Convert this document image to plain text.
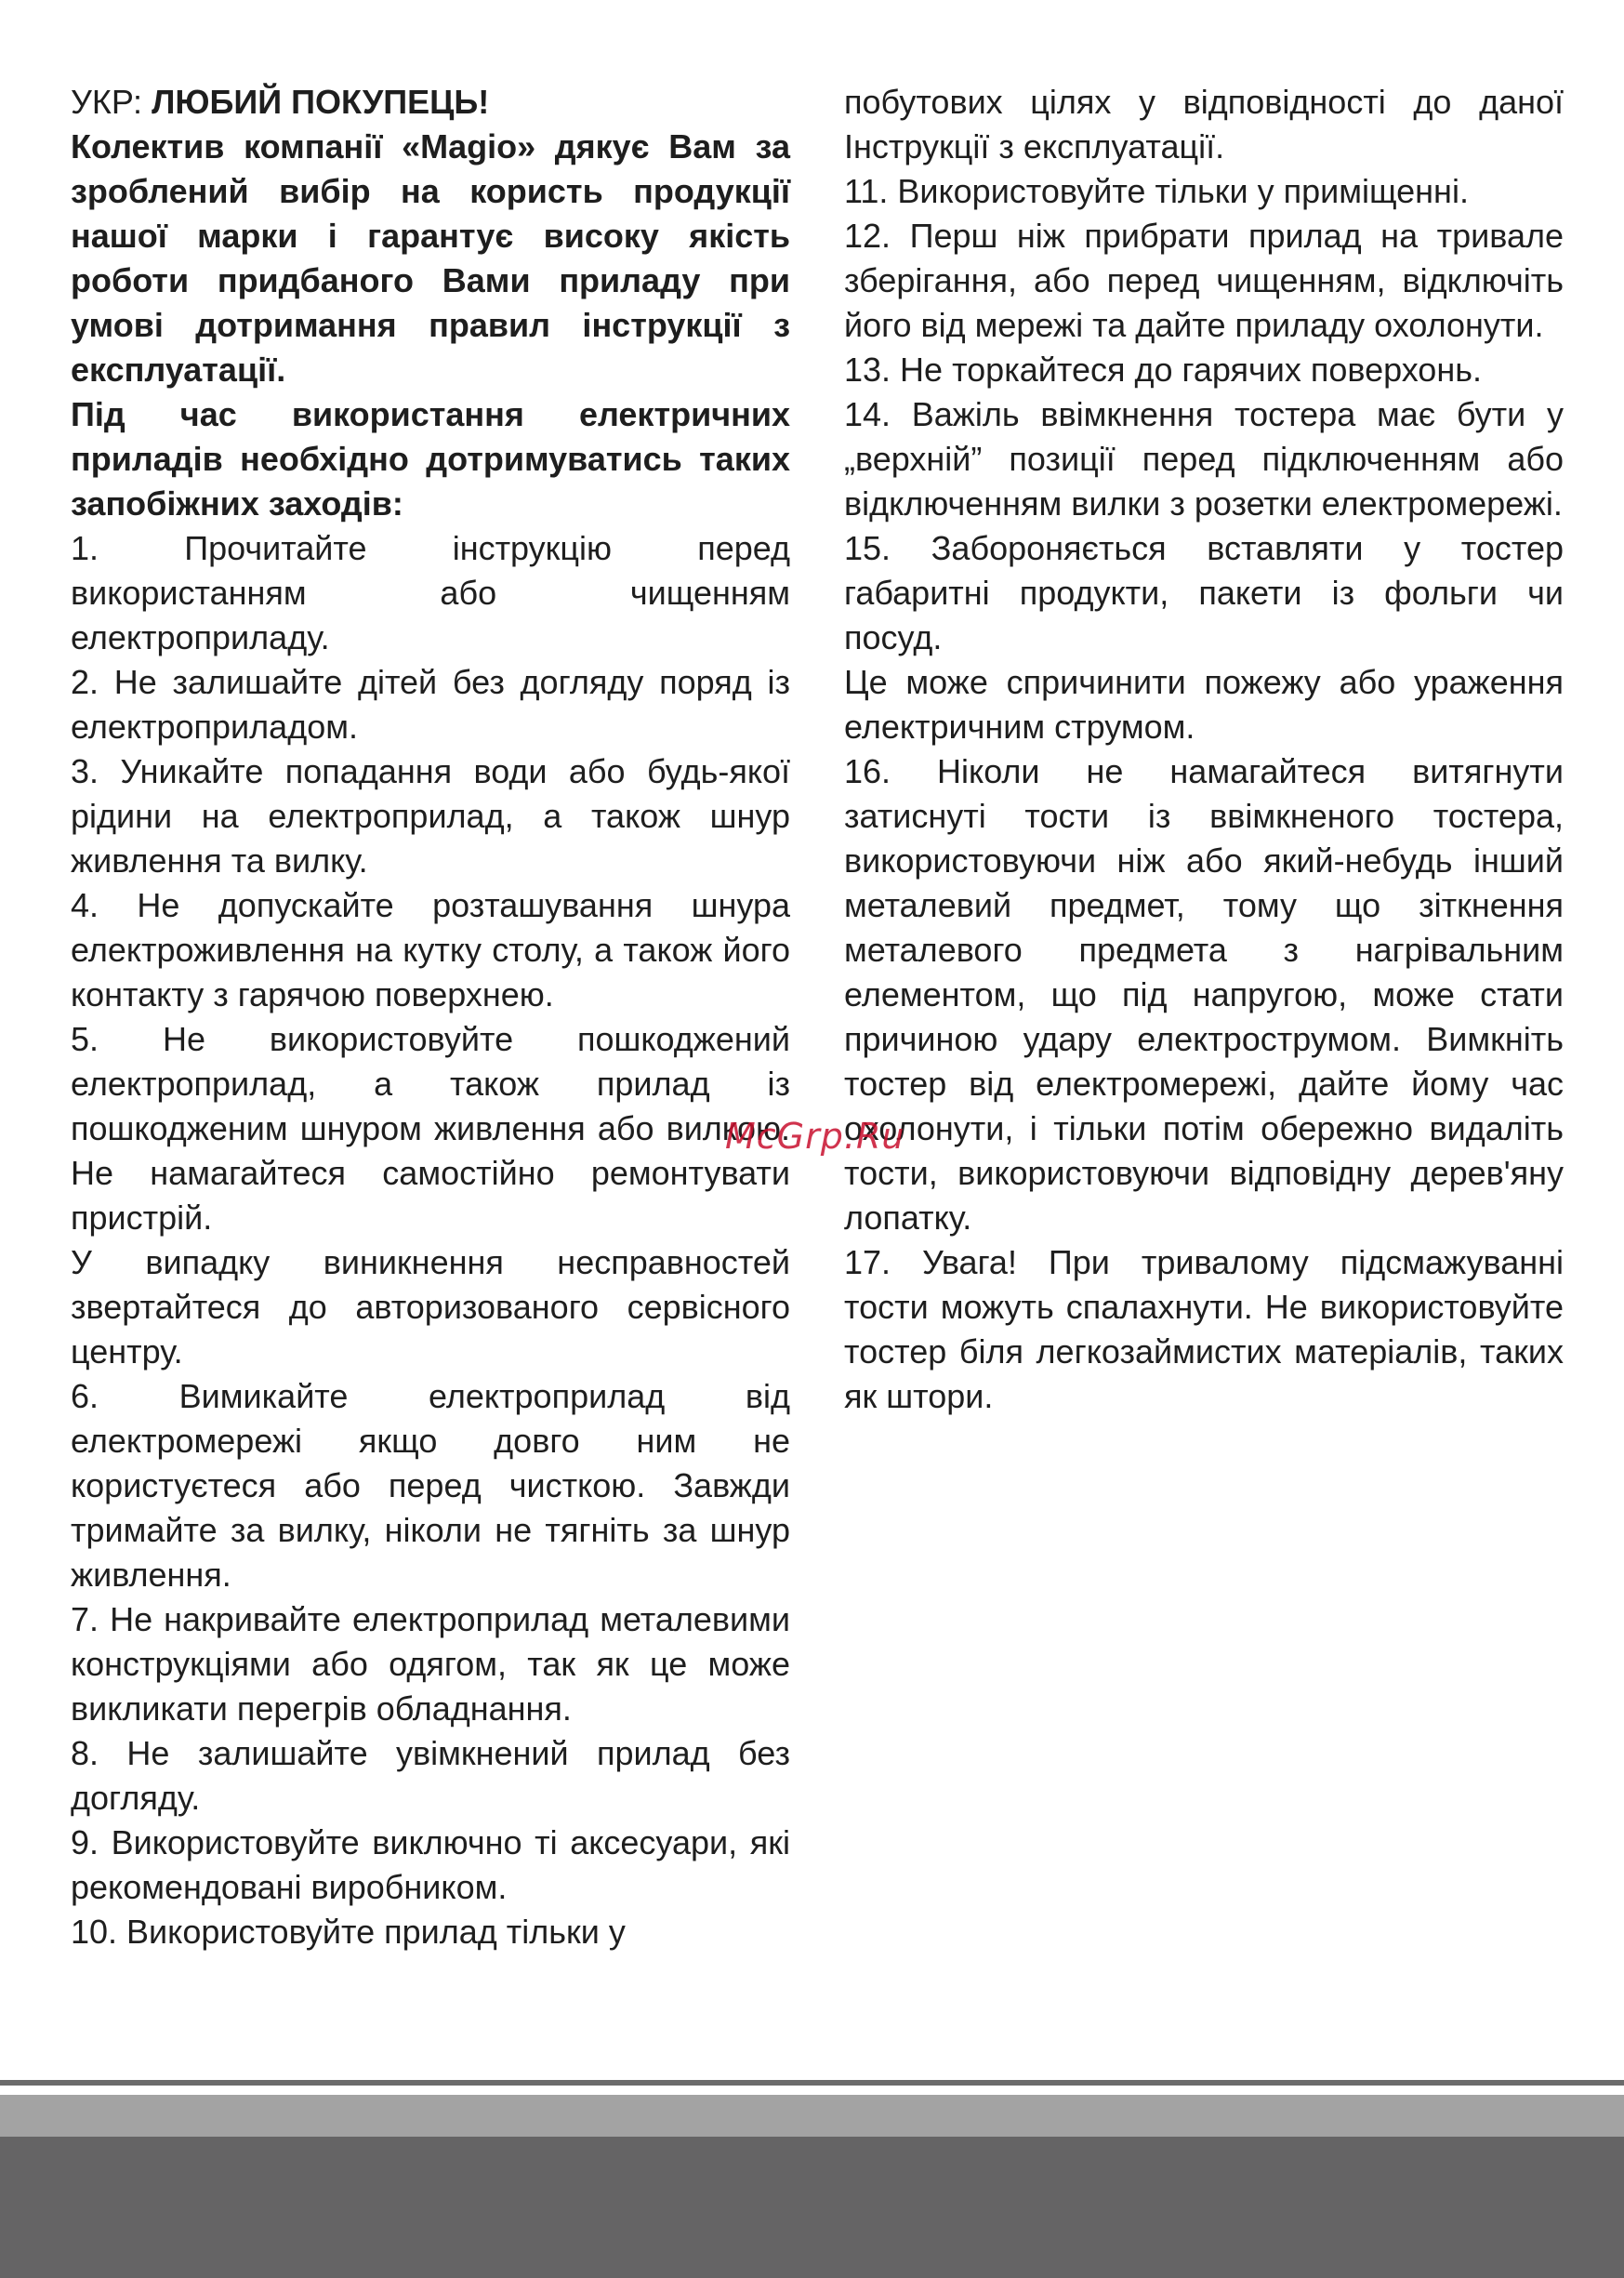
УКР: ЛЮБИЙ ПОКУПЕЦЬ!

Колектив компанії «Magio» дякує Вам за зроблений вибір на користь продукції нашої марки і гарантує високу якість роботи придбаного Вами приладу при умові дотримання правил інструкції з експлуатації.

Під час використання електричних приладів необхідно дотримуватись таких запобіжних заходів:

1. Прочитайте інструкцію перед використанням або чищенням електроприладу.

2. Не залишайте дітей без догляду поряд із електроприладом.

3. Уникайте попадання води або будь-якої рідини на електроприлад, а також шнур живлення та вилку.

4. Не допускайте розташування шнура електроживлення на кутку столу, а також його контакту з гарячою поверхнею.

5. Не використовуйте пошкоджений електроприлад, а також прилад із пошкодженим шнуром живлення або вилкою. Не намагайтеся самостійно ремонтувати пристрій.

У випадку виникнення несправностей звертайтеся до авторизованого сервісного центру.

6. Вимикайте електроприлад від електромережі якщо довго ним не користуєтеся або перед чисткою. Завжди тримайте за вилку, ніколи не тягніть за шнур живлення.

7. Не накривайте електроприлад металевими конструкціями або одягом, так як це може викликати перегрів обладнання.

8. Не залишайте увімкнений прилад без догляду.

9. Використовуйте виключно ті аксесуари, які рекомендовані виробником.

10. Використовуйте прилад тільки у

побутових цілях у відповідності до даної Інструкції з експлуатації.

11. Використовуйте тільки у приміщенні.

12. Перш ніж прибрати прилад на тривале зберігання, або перед чищенням, відключіть його від мережі та дайте приладу охолонути.

13. Не торкайтеся до гарячих поверхонь.

14. Важіль ввімкнення тостера має бути у „верхній” позиції перед підключенням або відключенням вилки з розетки електромережі.

15. Забороняється вставляти у тостер габаритні продукти, пакети із фольги чи посуд.

Це може спричинити пожежу або ураження електричним струмом.

16. Ніколи не намагайтеся витягнути затиснуті тости із ввімкненого тостера, використовуючи ніж або який-небудь інший металевий предмет, тому що зіткнення металевого предмета з нагрівальним елементом, що під напругою, може стати причиною удару електрострумом. Вимкніть тостер від електромережі, дайте йому час охолонути, і тільки потім обережно видаліть тости, використовуючи відповідну дерев'яну лопатку.

17. Увага! При тривалому підсмажуванні тости можуть спалахнути. Не використовуйте тостер біля легкозаймистих матеріалів, таких як штори.

McGrp.Ru
